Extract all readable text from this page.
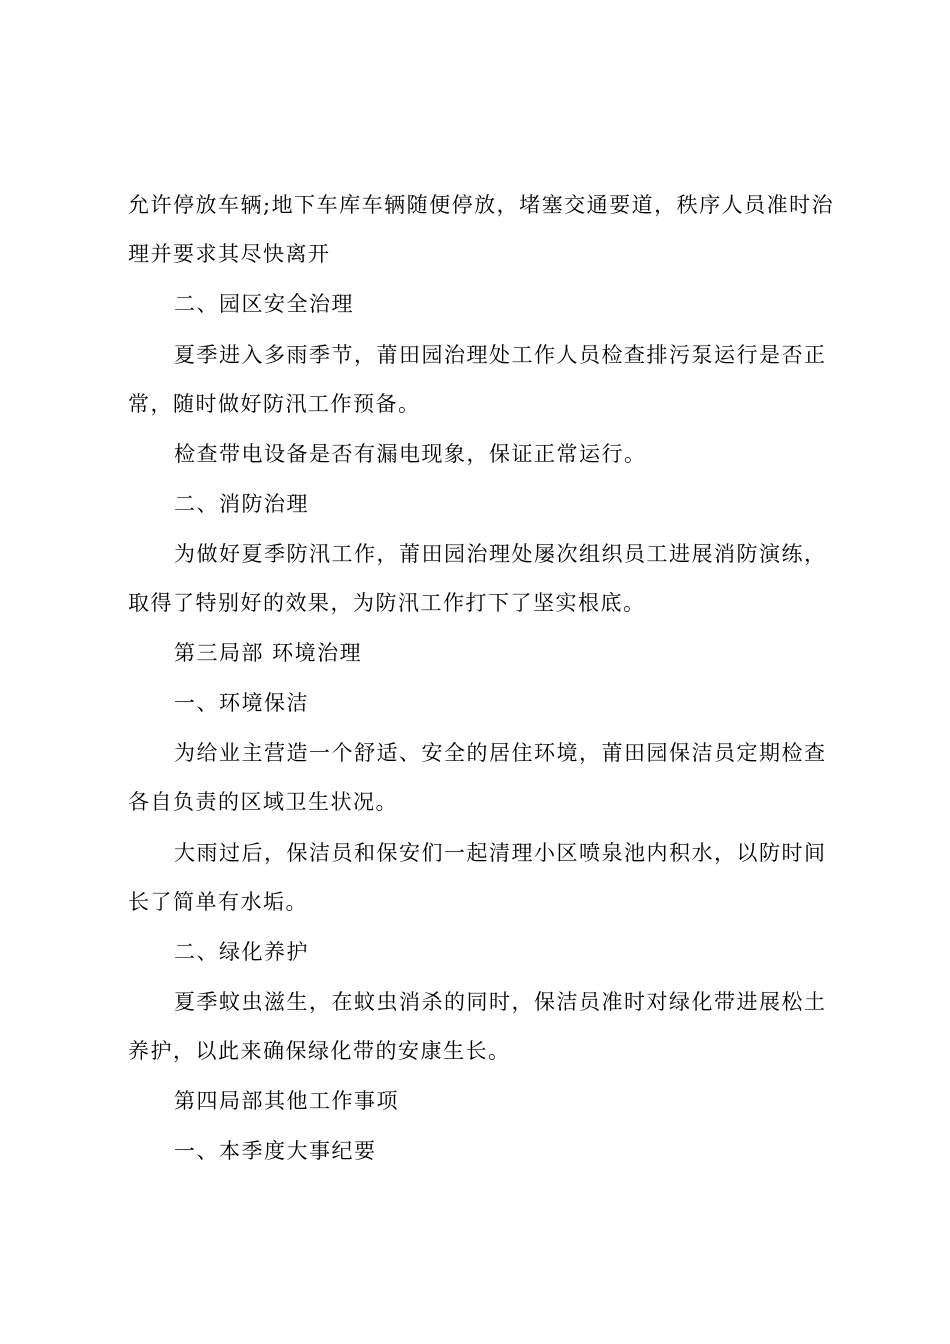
允许停放车辆;地下车库车辆随便停放，堵塞交通要道，秩序人员准时治理并要求其尽快离开

二、园区安全治理

夏季进入多雨季节，莆田园治理处工作人员检查排污泵运行是否正常，随时做好防汛工作预备。

检查带电设备是否有漏电现象，保证正常运行。

二、消防治理

为做好夏季防汛工作，莆田园治理处屡次组织员工进展消防演练，取得了特别好的效果，为防汛工作打下了坚实根底。

第三局部 环境治理

一、环境保洁

为给业主营造一个舒适、安全的居住环境，莆田园保洁员定期检查各自负责的区域卫生状况。

大雨过后，保洁员和保安们一起清理小区喷泉池内积水，以防时间长了简单有水垢。

二、绿化养护

夏季蚊虫滋生，在蚊虫消杀的同时，保洁员准时对绿化带进展松土养护，以此来确保绿化带的安康生长。

第四局部其他工作事项

一、本季度大事纪要
